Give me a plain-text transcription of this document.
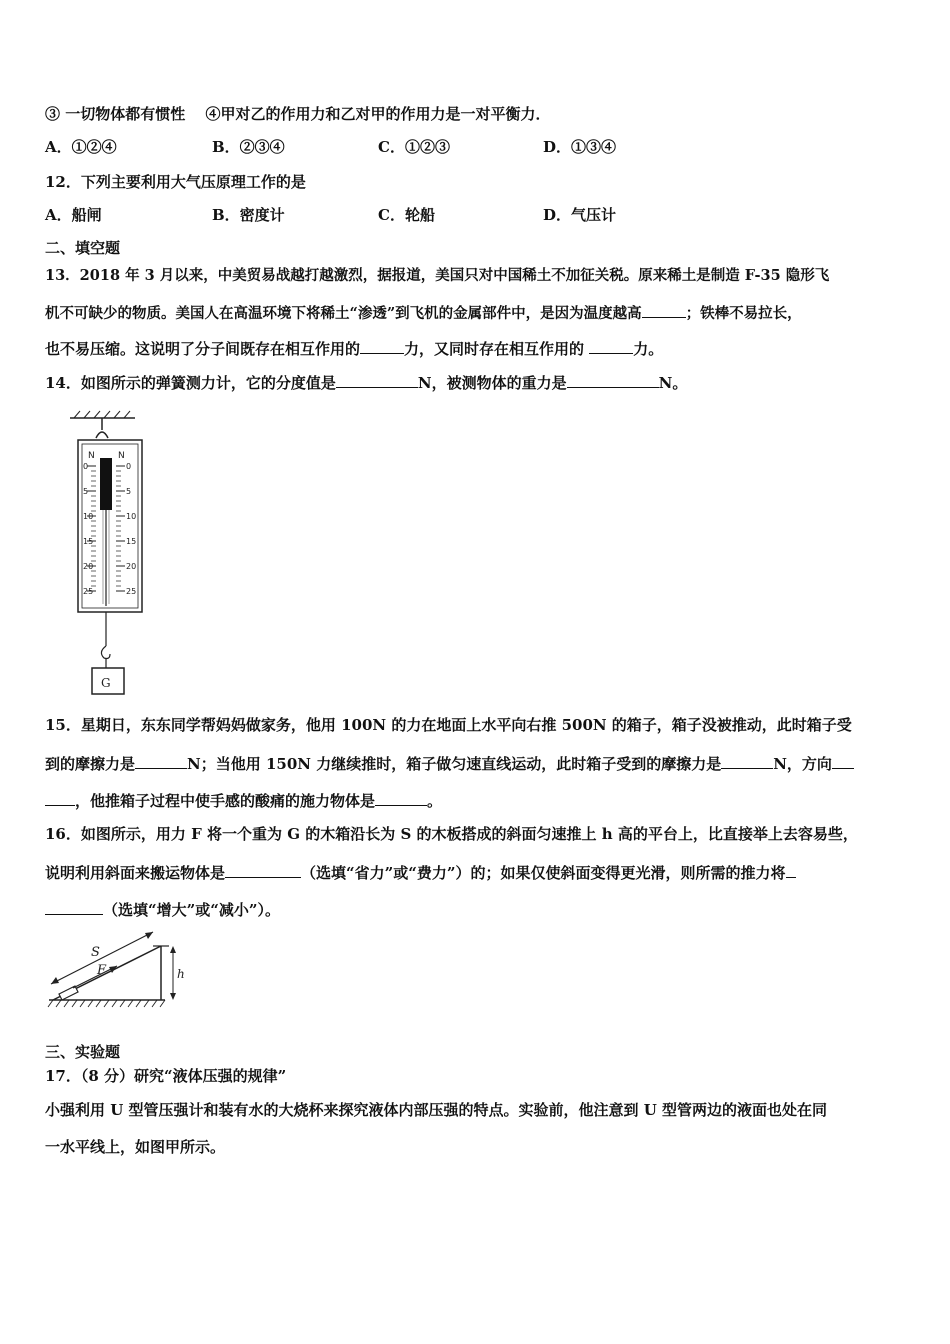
③ 一切物体都有惯性　 ④甲对乙的作用力和乙对甲的作用力是一对平衡力．
A．①②④	B．②③④	C．①②③	D．①③④
12．下列主要利用大气压原理工作的是
A．船闸	B．密度计	C．轮船	D．气压计
二、填空题
13．2018 年 3 月以来，中美贸易战越打越激烈，据报道，美国只对中国稀土不加征关税。原来稀土是制造 F-35 隐形飞
机不可缺少的物质。美国人在高温环境下将稀土“渗透”到飞机的金属部件中，是因为温度越高	；铁棒不易拉长，
也不易压缩。这说明了分子间既存在相互作用的	力，又同时存在相互作用的	力。
14．如图所示的弹簧测力计，它的分度值是	N，被测物体的重力是	N。
N	N
0	0
5	5
10	10
15	15
20	20
25	25
G
15．星期日，东东同学帮妈妈做家务，他用 100N 的力在地面上水平向右推 500N 的箱子，箱子没被推动，此时箱子受
到的摩擦力是	N；当他用 150N 力继续推时，箱子做匀速直线运动，此时箱子受到的摩擦力是	N，方向
，他推箱子过程中使手感的酸痛的施力物体是	。
16．如图所示，用力 F 将一个重为 G 的木箱沿长为 S 的木板搭成的斜面匀速推上 h 高的平台上，比直接举上去容易些，
说明利用斜面来搬运物体是	（选填“省力”或“费力”）的；如果仅使斜面变得更光滑，则所需的推力将
（选填“增大”或“减小”）。
S
F	h
三、实验题
17．（8 分）研究“液体压强的规律”
小强利用 U 型管压强计和装有水的大烧杯来探究液体内部压强的特点。实验前，他注意到 U 型管两边的液面也处在同
一水平线上，如图甲所示。
